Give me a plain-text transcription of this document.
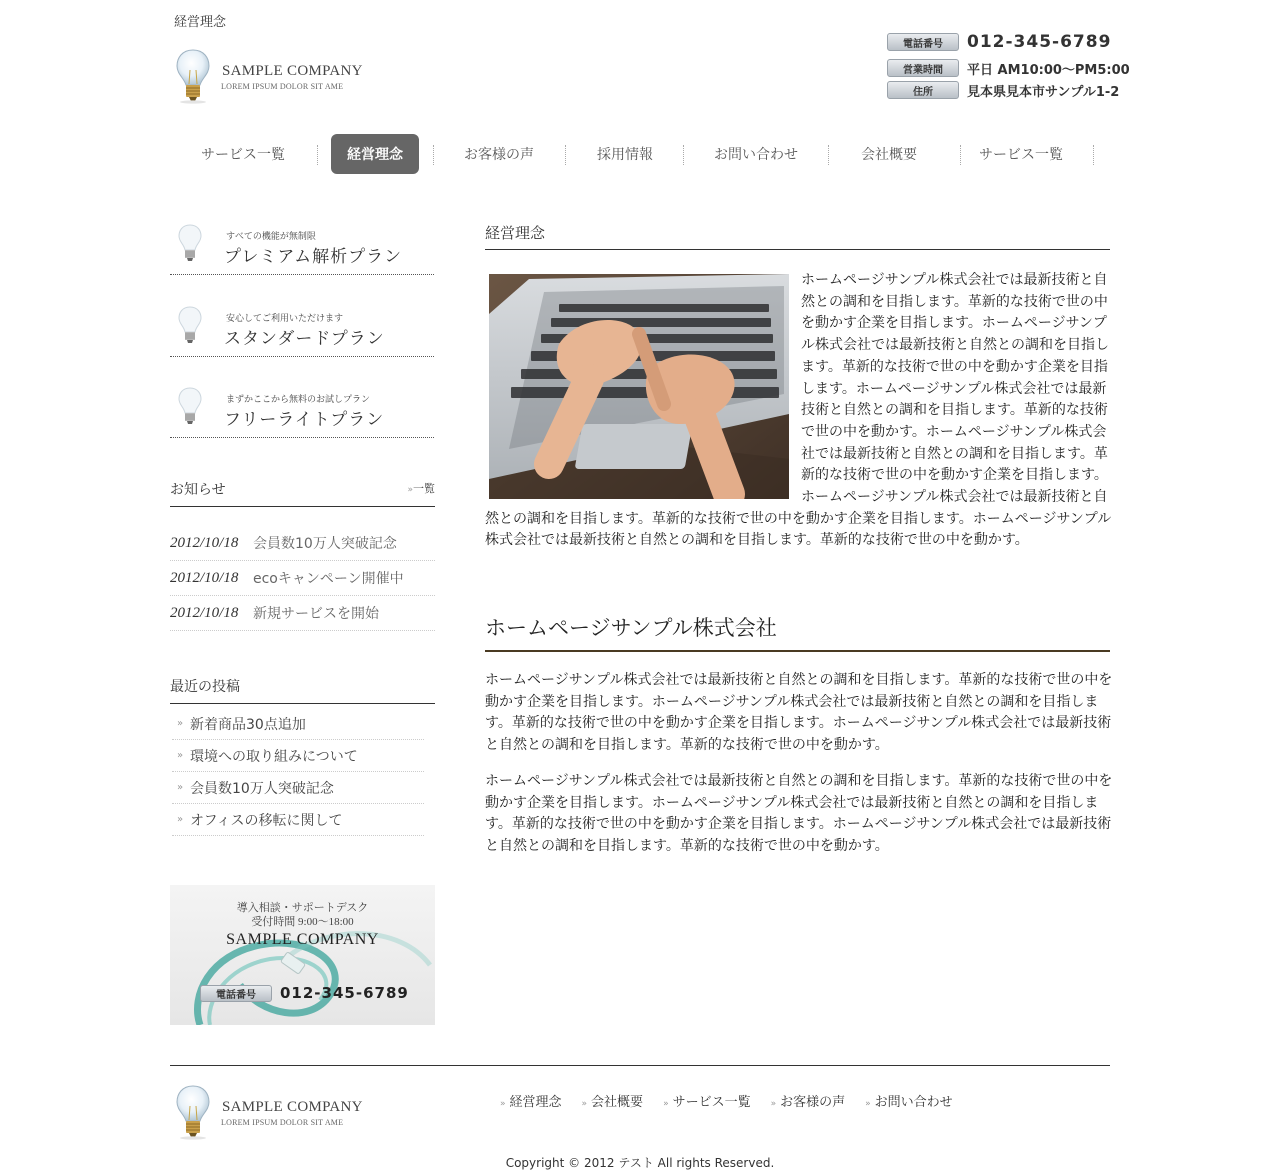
経営理念
SAMPLE COMPANY
LOREM IPSUM DOLOR SIT AME
電話番号	012-345-6789
営業時間	平日 AM10:00〜PM5:00
住所	見本県見本市サンプル1-2
サービス一覧	経営理念	お客様の声	採用情報	お問い合わせ	会社概要	サービス一覧
すべての機能が無制限
プレミアム解析プラン
安心してご利用いただけます
スタンダードプラン
まずかここから無料のお試しプラン
フリーライトプラン
お知らせ	»一覧
2012/10/18	会員数10万人突破記念
2012/10/18	ecoキャンペーン開催中
2012/10/18	新規サービスを開始
最近の投稿
» 新着商品30点追加
» 環境への取り組みについて
» 会員数10万人突破記念
» オフィスの移転に関して
導入相談・サポートデスク
受付時間 9:00〜18:00
SAMPLE COMPANY
電話番号	012-345-6789
経営理念
ホームページサンプル株式会社では最新技術と自然との調和を目指します。革新的な技術で世の中を動かす企業を目指します。ホームページサンプル株式会社では最新技術と自然との調和を目指します。革新的な技術で世の中を動かす企業を目指します。ホームページサンプル株式会社では最新技術と自然との調和を目指します。革新的な技術で世の中を動かす。ホームページサンプル株式会社では最新技術と自然との調和を目指します。革新的な技術で世の中を動かす企業を目指します。ホームページサンプル株式会社では最新技術と自然との調和を目指します。革新的な技術で世の中を動かす企業を目指します。ホームページサンプル株式会社では最新技術と自然との調和を目指します。革新的な技術で世の中を動かす。
ホームページサンプル株式会社
ホームページサンプル株式会社では最新技術と自然との調和を目指します。革新的な技術で世の中を動かす企業を目指します。ホームページサンプル株式会社では最新技術と自然との調和を目指します。革新的な技術で世の中を動かす企業を目指します。ホームページサンプル株式会社では最新技術と自然との調和を目指します。革新的な技術で世の中を動かす。
ホームページサンプル株式会社では最新技術と自然との調和を目指します。革新的な技術で世の中を動かす企業を目指します。ホームページサンプル株式会社では最新技術と自然との調和を目指します。革新的な技術で世の中を動かす企業を目指します。ホームページサンプル株式会社では最新技術と自然との調和を目指します。革新的な技術で世の中を動かす。
SAMPLE COMPANY
LOREM IPSUM DOLOR SIT AME
» 経営理念 » 会社概要 » サービス一覧 » お客様の声 » お問い合わせ
Copyright © 2012 テスト All rights Reserved.
